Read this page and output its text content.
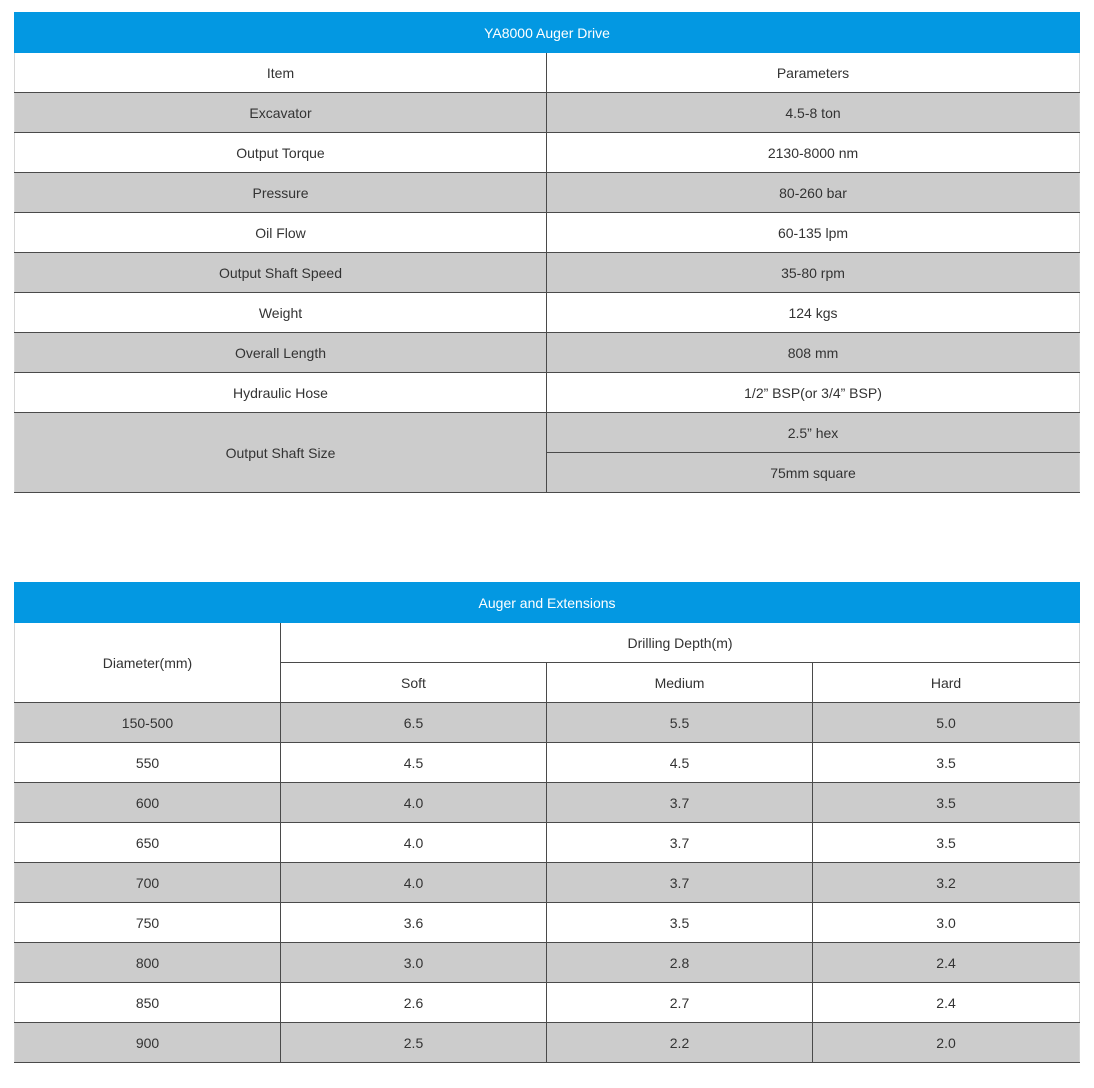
YA8000 Auger Drive	
Item	Parameters
Excavator	4.5-8 ton
Output Torque	2130-8000 nm
Pressure	80-260 bar
Oil Flow	60-135 lpm
Output Shaft Speed	35-80 rpm
Weight	124 kgs
Overall Length	808 mm
Hydraulic Hose	1/2” BSP(or 3/4” BSP)
Output Shaft Size	2.5” hex
	75mm square
Auger and Extensions			
Diameter(mm)	Drilling Depth(m)		
	Soft	Medium	Hard
150-500	6.5	5.5	5.0
550	4.5	4.5	3.5
600	4.0	3.7	3.5
650	4.0	3.7	3.5
700	4.0	3.7	3.2
750	3.6	3.5	3.0
800	3.0	2.8	2.4
850	2.6	2.7	2.4
900	2.5	2.2	2.0
